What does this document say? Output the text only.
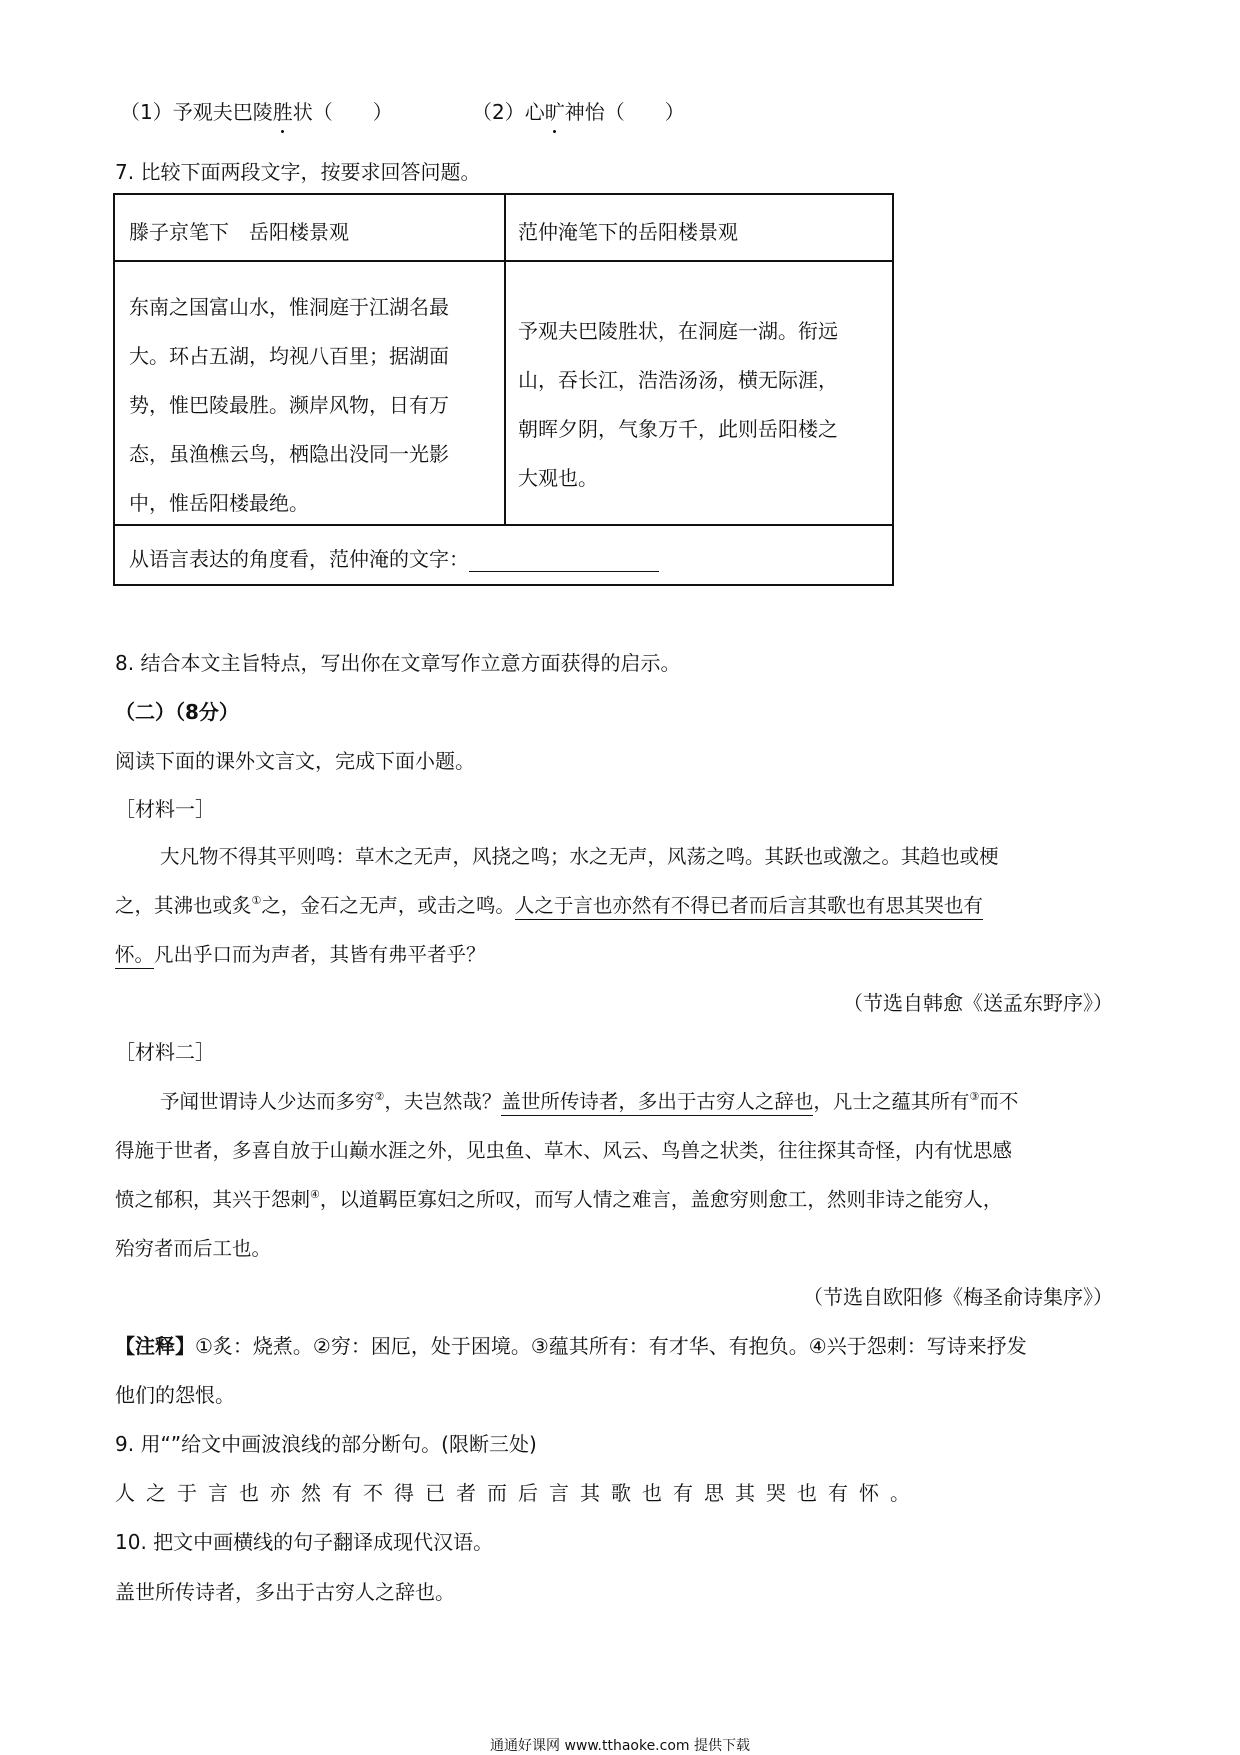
（1）予观夫巴陵胜状（　　）	（2）心旷神怡（　　）
7. 比较下面两段文字，按要求回答问题。
滕子京笔下　岳阳楼景观	范仲淹笔下的岳阳楼景观
东南之国富山水，惟洞庭于江湖名最
大。环占五湖，均视八百里；据湖面
势，惟巴陵最胜。濒岸风物，日有万
态，虽渔樵云鸟，栖隐出没同一光影
中，惟岳阳楼最绝。
予观夫巴陵胜状，在洞庭一湖。衔远
山，吞长江，浩浩汤汤，横无际涯，
朝晖夕阴，气象万千，此则岳阳楼之
大观也。
从语言表达的角度看，范仲淹的文字：
8. 结合本文主旨特点，写出你在文章写作立意方面获得的启示。
（二）（8分）
阅读下面的课外文言文，完成下面小题。
［材料一］
大凡物不得其平则鸣：草木之无声，风挠之鸣；水之无声，风荡之鸣。其跃也或激之。其趋也或梗
之，其沸也或炙①之，金石之无声，或击之鸣。人之于言也亦然有不得已者而后言其歌也有思其哭也有
怀。凡出乎口而为声者，其皆有弗平者乎？
（节选自韩愈《送孟东野序》）
［材料二］
予闻世谓诗人少达而多穷②，夫岂然哉？盖世所传诗者，多出于古穷人之辞也，凡士之蕴其所有③而不
得施于世者，多喜自放于山巅水涯之外，见虫鱼、草木、风云、鸟兽之状类，往往探其奇怪，内有忧思感
愤之郁积，其兴于怨刺④，以道羁臣寡妇之所叹，而写人情之难言，盖愈穷则愈工，然则非诗之能穷人，
殆穷者而后工也。
（节选自欧阳修《梅圣俞诗集序》）
【注释】①炙：烧煮。②穷：困厄，处于困境。③蕴其所有：有才华、有抱负。④兴于怨刺：写诗来抒发
他们的怨恨。
9. 用“”给文中画波浪线的部分断句。(限断三处)
人之于言也亦然有不得已者而后言其歌也有思其哭也有怀。
10. 把文中画横线的句子翻译成现代汉语。
盖世所传诗者，多出于古穷人之辞也。
通通好课网 www.tthaoke.com 提供下载
